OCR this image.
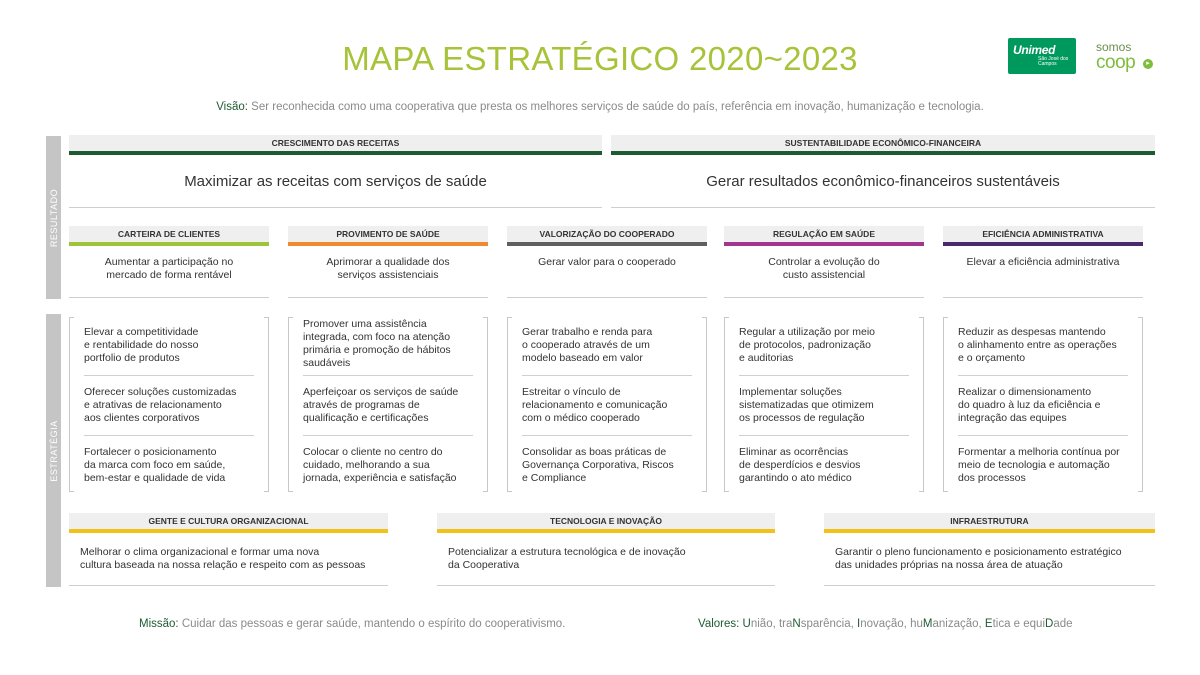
MAPA ESTRATÉGICO 2020~2023	Unimed
São José dos Campos
somos
coop	▸
Visão: Ser reconhecida como uma cooperativa que presta os melhores serviços de saúde do país, referência em inovação, humanização e tecnologia.
RESULTADO
ESTRATÉGIA
CRESCIMENTO DAS RECEITAS
Maximizar as receitas com serviços de saúde
SUSTENTABILIDADE ECONÔMICO-FINANCEIRA
Gerar resultados econômico-financeiros sustentáveis
CARTEIRA DE CLIENTES
Aumentar a participação no
mercado de forma rentável
Elevar a competitividade
e rentabilidade do nosso
portfolio de produtos
Oferecer soluções customizadas
e atrativas de relacionamento
aos clientes corporativos
Fortalecer o posicionamento
da marca com foco em saúde,
bem-estar e qualidade de vida
PROVIMENTO DE SAÚDE
Aprimorar a qualidade dos
serviços assistenciais
Promover uma assistência
integrada, com foco na atenção
primária e promoção de hábitos
saudáveis
Aperfeiçoar os serviços de saúde
através de programas de
qualificação e certificações
Colocar o cliente no centro do
cuidado, melhorando a sua
jornada, experiência e satisfação
VALORIZAÇÃO DO COOPERADO
Gerar valor para o cooperado
Gerar trabalho e renda para
o cooperado através de um
modelo baseado em valor
Estreitar o vínculo de
relacionamento e comunicação
com o médico cooperado
Consolidar as boas práticas de
Governança Corporativa, Riscos
e Compliance
REGULAÇÃO EM SAÚDE
Controlar a evolução do
custo assistencial
Regular a utilização por meio
de protocolos, padronização
e auditorias
Implementar soluções
sistematizadas que otimizem
os processos de regulação
Eliminar as ocorrências
de desperdícios e desvios
garantindo o ato médico
EFICIÊNCIA ADMINISTRATIVA
Elevar a eficiência administrativa
Reduzir as despesas mantendo
o alinhamento entre as operações
e o orçamento
Realizar o dimensionamento
do quadro à luz da eficiência e
integração das equipes
Formentar a melhoria contínua por
meio de tecnologia e automação
dos processos
GENTE E CULTURA ORGANIZACIONAL
Melhorar o clima organizacional e formar uma nova
cultura baseada na nossa relação e respeito com as pessoas
TECNOLOGIA E INOVAÇÃO
Potencializar a estrutura tecnológica e de inovação
da Cooperativa
INFRAESTRUTURA
Garantir o pleno funcionamento e posicionamento estratégico
das unidades próprias na nossa área de atuação
Missão: Cuidar das pessoas e gerar saúde, mantendo o espírito do cooperativismo.	Valores: União, traNsparência, Inovação, huManização, Etica e equiDade
